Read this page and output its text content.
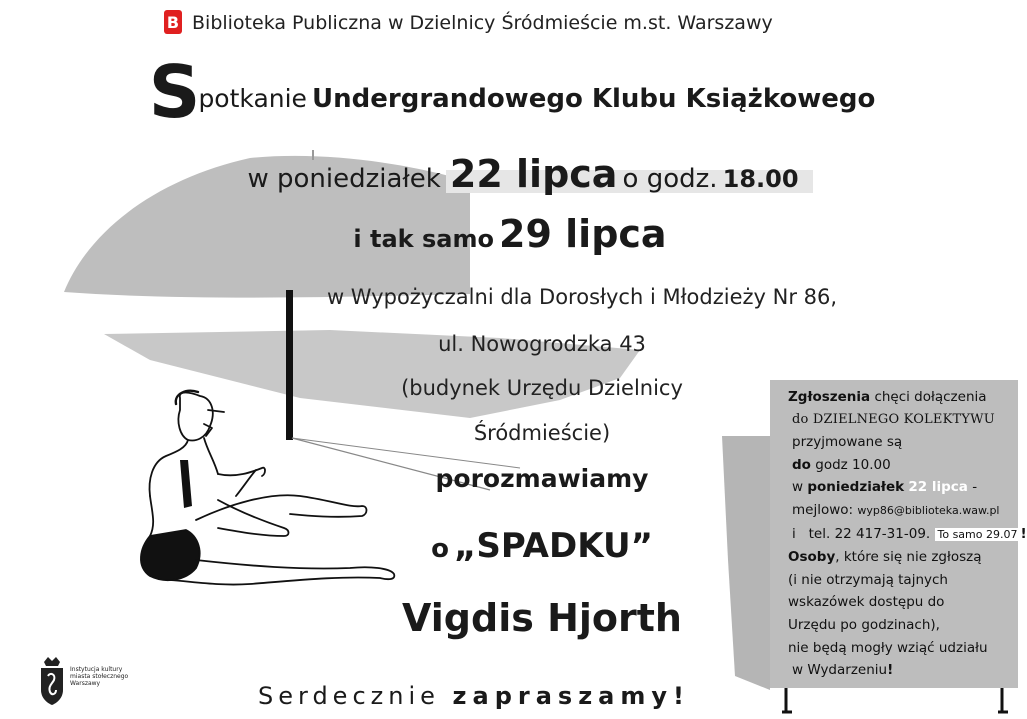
B Biblioteka Publiczna w Dzielnicy Śródmieście m.st. Warszawy
Spotkanie Undergrandowego Klubu Książkowego
w poniedziałek 22 lipca o godz. 18.00
i tak samo 29 lipca
w Wypożyczalni dla Dorosłych i Młodzieży Nr 86,
ul. Nowogrodzka 43
(budynek Urzędu Dzielnicy
Śródmieście)
porozmawiamy
o „SPADKU”
Vigdis Hjorth
Serdecznie zapraszamy!
Zgłoszenia chęci dołączenia
do DZIELNEGO KOLEKTYWU
przyjmowane są
do godz 10.00
w poniedziałek 22 lipca -
mejlowo: wyp86@biblioteka.waw.pl
i tel. 22 417-31-09. To samo 29.07 !
Osoby, które się nie zgłoszą
(i nie otrzymają tajnych
wskazówek dostępu do
Urzędu po godzinach),
nie będą mogły wziąć udziału
w Wydarzeniu!
Instytucja kultury
miasta stołecznego
Warszawy
